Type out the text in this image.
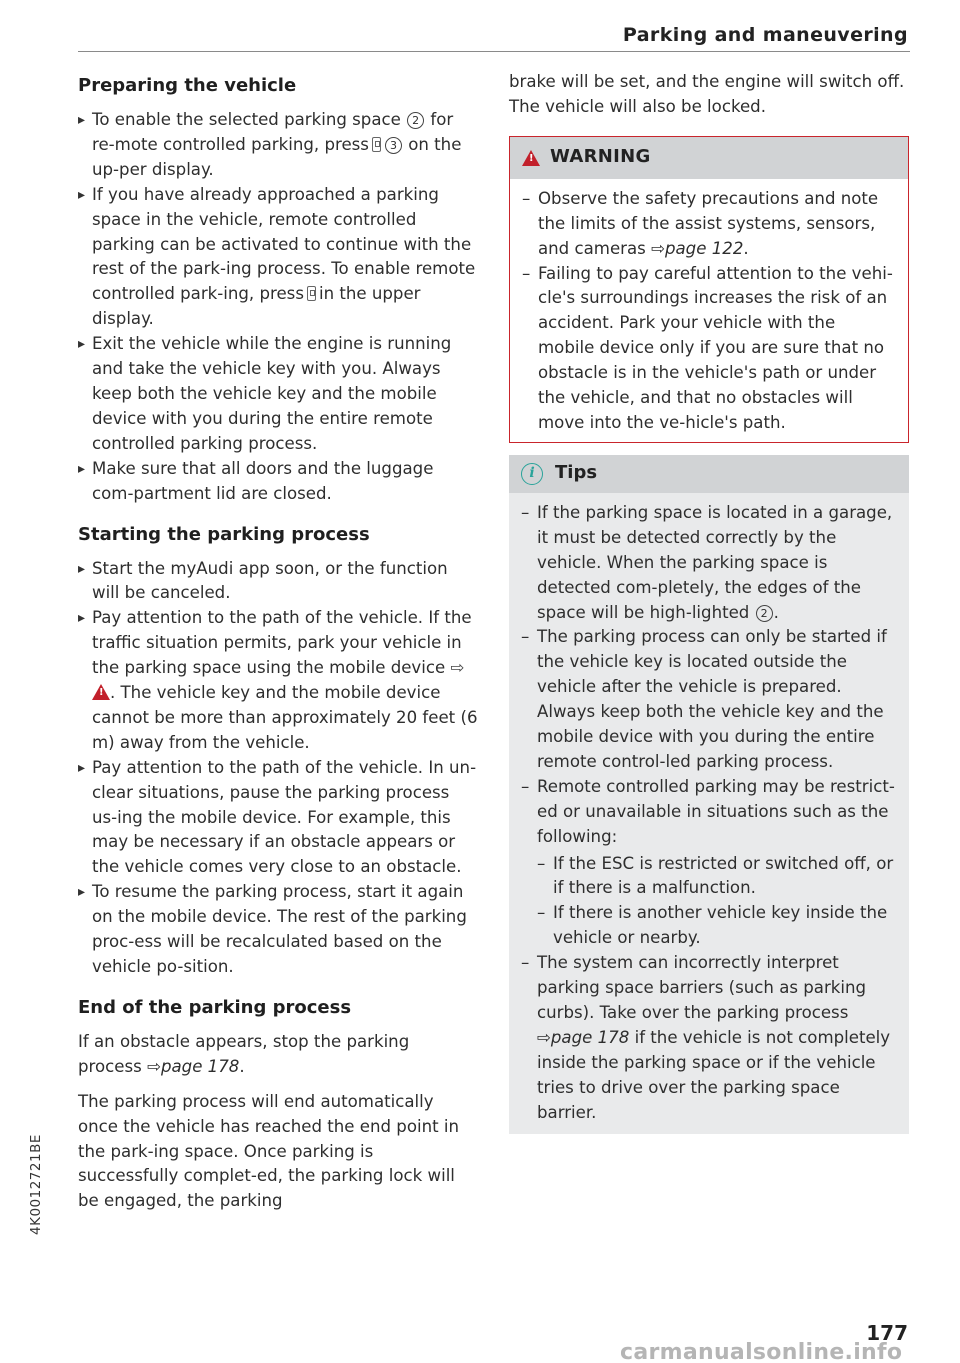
Parking and maneuvering
Preparing the vehicle
▸ To enable the selected parking space 2 for re-mote controlled parking, press 3 on the up-per display.
▸ If you have already approached a parking space in the vehicle, remote controlled parking can be activated to continue with the rest of the park-ing process. To enable remote controlled park-ing, press in the upper display.
▸ Exit the vehicle while the engine is running and take the vehicle key with you. Always keep both the vehicle key and the mobile device with you during the entire remote controlled parking process.
▸ Make sure that all doors and the luggage com-partment lid are closed.
Starting the parking process
▸ Start the myAudi app soon, or the function will be canceled.
▸ Pay attention to the path of the vehicle. If the traffic situation permits, park your vehicle in the parking space using the mobile device ⇨ !. The vehicle key and the mobile device cannot be more than approximately 20 feet (6 m) away from the vehicle.
▸ Pay attention to the path of the vehicle. In un-clear situations, pause the parking process us-ing the mobile device. For example, this may be necessary if an obstacle appears or the vehicle comes very close to an obstacle.
▸ To resume the parking process, start it again on the mobile device. The rest of the parking proc-ess will be recalculated based on the vehicle po-sition.
End of the parking process

If an obstacle appears, stop the parking process ⇨page 178.

The parking process will end automatically once the vehicle has reached the end point in the park-ing space. Once parking is successfully complet-ed, the parking lock will be engaged, the parking

brake will be set, and the engine will switch off. The vehicle will also be locked.

!
WARNING
– Observe the safety precautions and note the limits of the assist systems, sensors, and cameras ⇨page 122.
– Failing to pay careful attention to the vehi-cle's surroundings increases the risk of an accident. Park your vehicle with the mobile device only if you are sure that no obstacle is in the vehicle's path or under the vehicle, and that no obstacles will move into the ve-hicle's path.
i	Tips
– If the parking space is located in a garage, it must be detected correctly by the vehicle. When the parking space is detected com-pletely, the edges of the space will be high-lighted 2 .
– The parking process can only be started if the vehicle key is located outside the vehicle after the vehicle is prepared. Always keep both the vehicle key and the mobile device with you during the entire remote control-led parking process.
– Remote controlled parking may be restrict-ed or unavailable in situations such as the following:
– If the ESC is restricted or switched off, or if there is a malfunction.
– If there is another vehicle key inside the vehicle or nearby.
– The system can incorrectly interpret parking space barriers (such as parking curbs). Take over the parking process ⇨page 178 if the vehicle is not completely inside the parking space or if the vehicle tries to drive over the parking space barrier.
4K0012721BE
177
carmanualsonline.info
